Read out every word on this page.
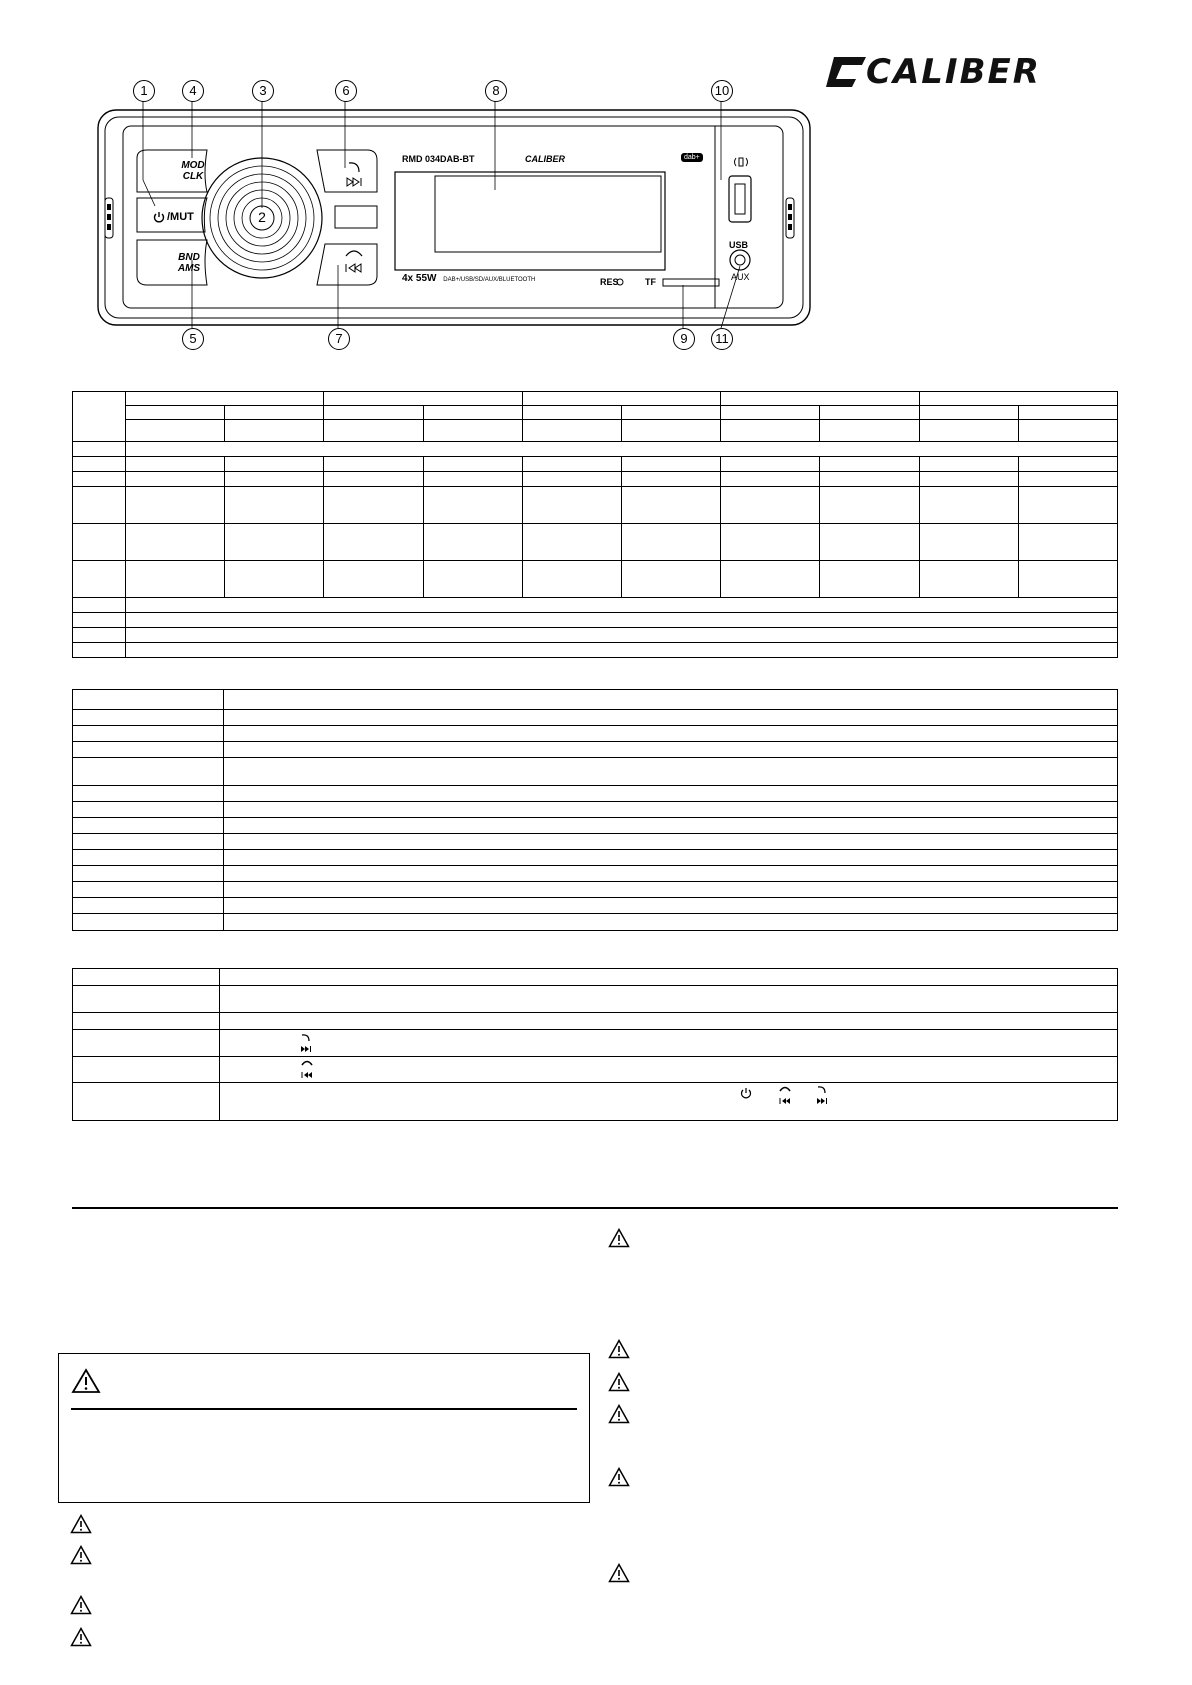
CALIBER
MOD
CLK
/MUT
BND
AMS
2
RMD 034DAB-BT	CALIBER	dab+
4x 55W DAB+/USB/SD/AUX/BLUETOOTH	RES	TF
USB
AUX
1	4	3	6	8	10
5	7	9	11
